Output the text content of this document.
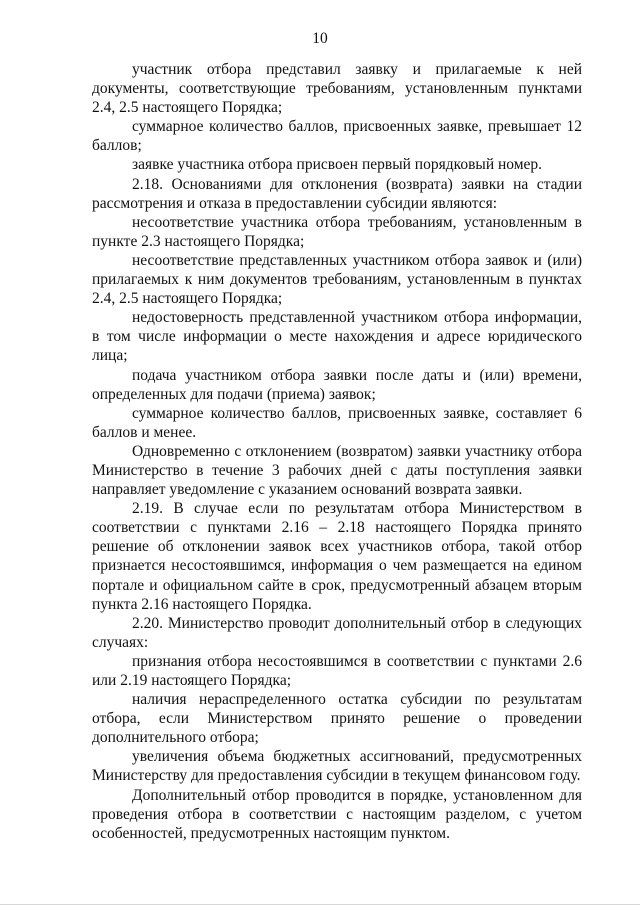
10

участник отбора представил заявку и прилагаемые к ней документы, соответствующие требованиям, установленным пунктами 2.4, 2.5 настоящего Порядка;

суммарное количество баллов, присвоенных заявке, превышает 12 баллов;

заявке участника отбора присвоен первый порядковый номер.

2.18. Основаниями для отклонения (возврата) заявки на стадии рассмотрения и отказа в предоставлении субсидии являются:

несоответствие участника отбора требованиям, установленным в пункте 2.3 настоящего Порядка;

несоответствие представленных участником отбора заявок и (или) прилагаемых к ним документов требованиям, установленным в пунктах 2.4, 2.5 настоящего Порядка;

недостоверность представленной участником отбора информации, в том числе информации о месте нахождения и адресе юридического лица;

подача участником отбора заявки после даты и (или) времени, определенных для подачи (приема) заявок;

суммарное количество баллов, присвоенных заявке, составляет 6 баллов и менее.

Одновременно с отклонением (возвратом) заявки участнику отбора Министерство в течение 3 рабочих дней с даты поступления заявки направляет уведомление с указанием оснований возврата заявки.

2.19. В случае если по результатам отбора Министерством в соответствии с пунктами 2.16 – 2.18 настоящего Порядка принято решение об отклонении заявок всех участников отбора, такой отбор признается несостоявшимся, информация о чем размещается на едином портале и официальном сайте в срок, предусмотренный абзацем вторым пункта 2.16 настоящего Порядка.

2.20. Министерство проводит дополнительный отбор в следующих случаях:

признания отбора несостоявшимся в соответствии с пунктами 2.6 или 2.19 настоящего Порядка;

наличия нераспределенного остатка субсидии по результатам отбора, если Министерством принято решение о проведении дополнительного отбора;

увеличения объема бюджетных ассигнований, предусмотренных Министерству для предоставления субсидии в текущем финансовом году.

Дополнительный отбор проводится в порядке, установленном для проведения отбора в соответствии с настоящим разделом, с учетом особенностей, предусмотренных настоящим пунктом.
